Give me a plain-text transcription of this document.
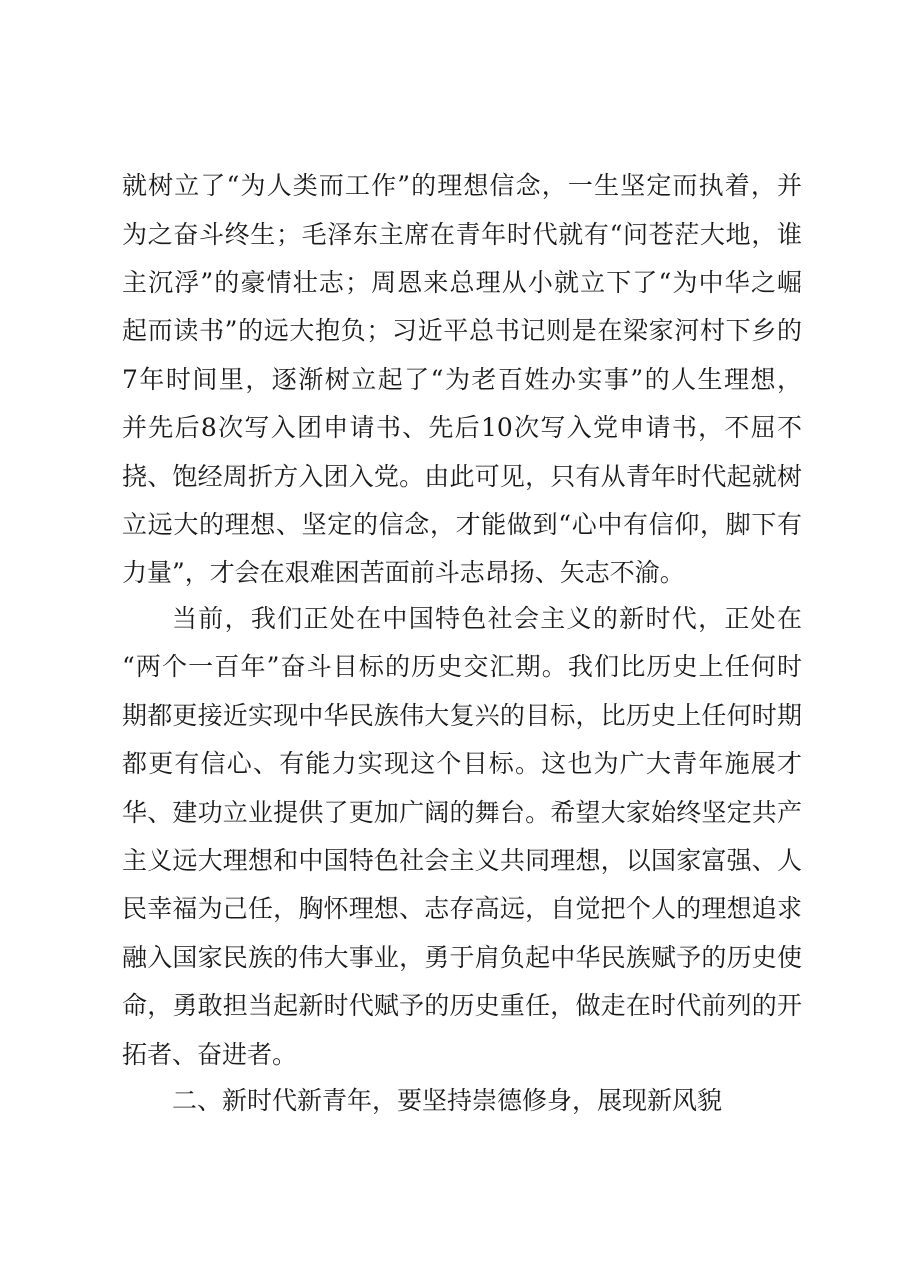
就树立了“为人类而工作”的理想信念，一生坚定而执着，并
为之奋斗终生；毛泽东主席在青年时代就有“问苍茫大地，谁
主沉浮”的豪情壮志；周恩来总理从小就立下了“为中华之崛
起而读书”的远大抱负；习近平总书记则是在梁家河村下乡的
7年时间里，逐渐树立起了“为老百姓办实事”的人生理想，
并先后8次写入团申请书、先后10次写入党申请书，不屈不
挠、饱经周折方入团入党。由此可见，只有从青年时代起就树
立远大的理想、坚定的信念，才能做到“心中有信仰，脚下有
力量”，才会在艰难困苦面前斗志昂扬、矢志不渝。
当前，我们正处在中国特色社会主义的新时代，正处在
“两个一百年”奋斗目标的历史交汇期。我们比历史上任何时
期都更接近实现中华民族伟大复兴的目标，比历史上任何时期
都更有信心、有能力实现这个目标。这也为广大青年施展才
华、建功立业提供了更加广阔的舞台。希望大家始终坚定共产
主义远大理想和中国特色社会主义共同理想，以国家富强、人
民幸福为己任，胸怀理想、志存高远，自觉把个人的理想追求
融入国家民族的伟大事业，勇于肩负起中华民族赋予的历史使
命，勇敢担当起新时代赋予的历史重任，做走在时代前列的开
拓者、奋进者。
二、新时代新青年，要坚持崇德修身，展现新风貌
